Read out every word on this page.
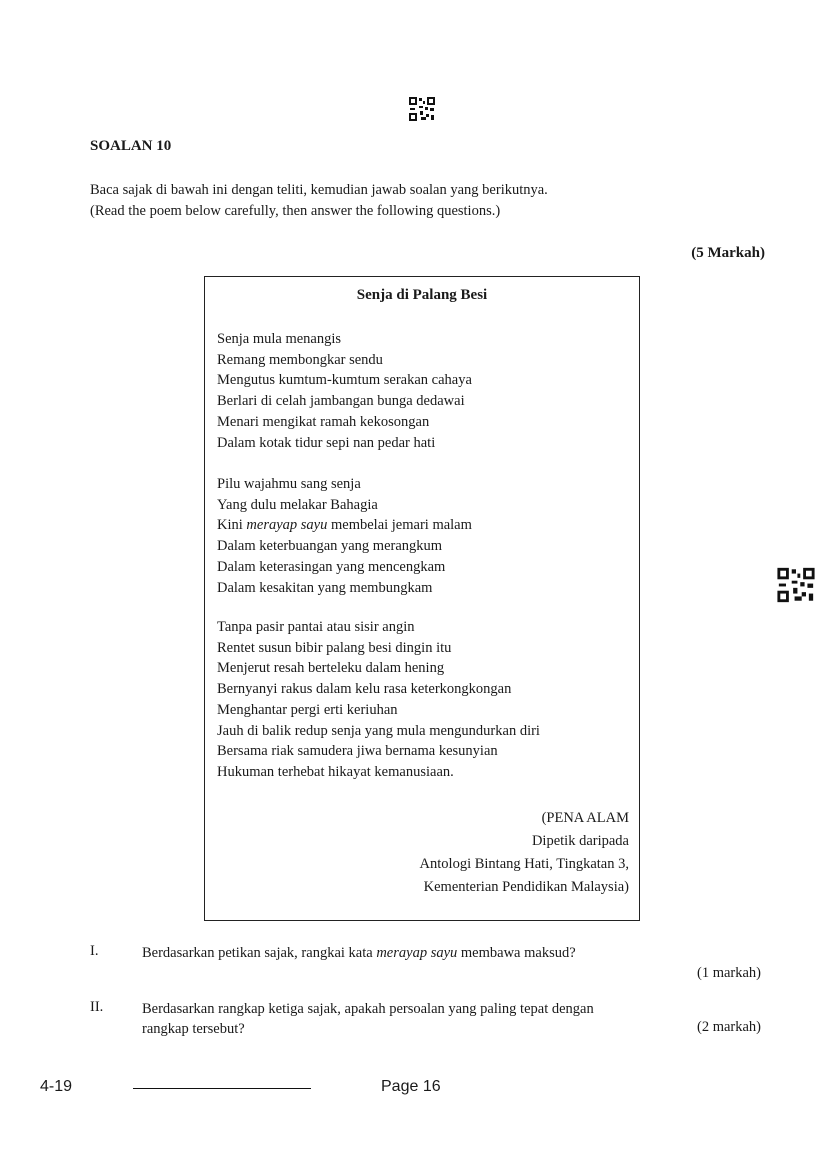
SOALAN 10
Baca sajak di bawah ini dengan teliti, kemudian jawab soalan yang berikutnya.
(Read the poem below carefully, then answer the following questions.)
(5 Markah)
Senja di Palang Besi
Senja mula menangis
Remang membongkar sendu
Mengutus kumtum-kumtum serakan cahaya
Berlari di celah jambangan bunga dedawai
Menari mengikat ramah kekosongan
Dalam kotak tidur sepi nan pedar hati
Pilu wajahmu sang senja
Yang dulu melakar Bahagia
Kini merayap sayu membelai jemari malam
Dalam keterbuangan yang merangkum
Dalam keterasingan yang mencengkam
Dalam kesakitan yang membungkam
Tanpa pasir pantai atau sisir angin
Rentet susun bibir palang besi dingin itu
Menjerut resah berteleku dalam hening
Bernyanyi rakus dalam kelu rasa keterkongkongan
Menghantar pergi erti keriuhan
Jauh di balik redup senja yang mula mengundurkan diri
Bersama riak samudera jiwa bernama kesunyian
Hukuman terhebat hikayat kemanusiaan.
(PENA ALAM
Dipetik daripada
Antologi Bintang Hati, Tingkatan 3,
Kementerian Pendidikan Malaysia)
I.	Berdasarkan petikan sajak, rangkai kata merayap sayu membawa maksud?
(1 markah)
II.	Berdasarkan rangkap ketiga sajak, apakah persoalan yang paling tepat dengan
rangkap tersebut?	(2 markah)
4-19	Page 16
